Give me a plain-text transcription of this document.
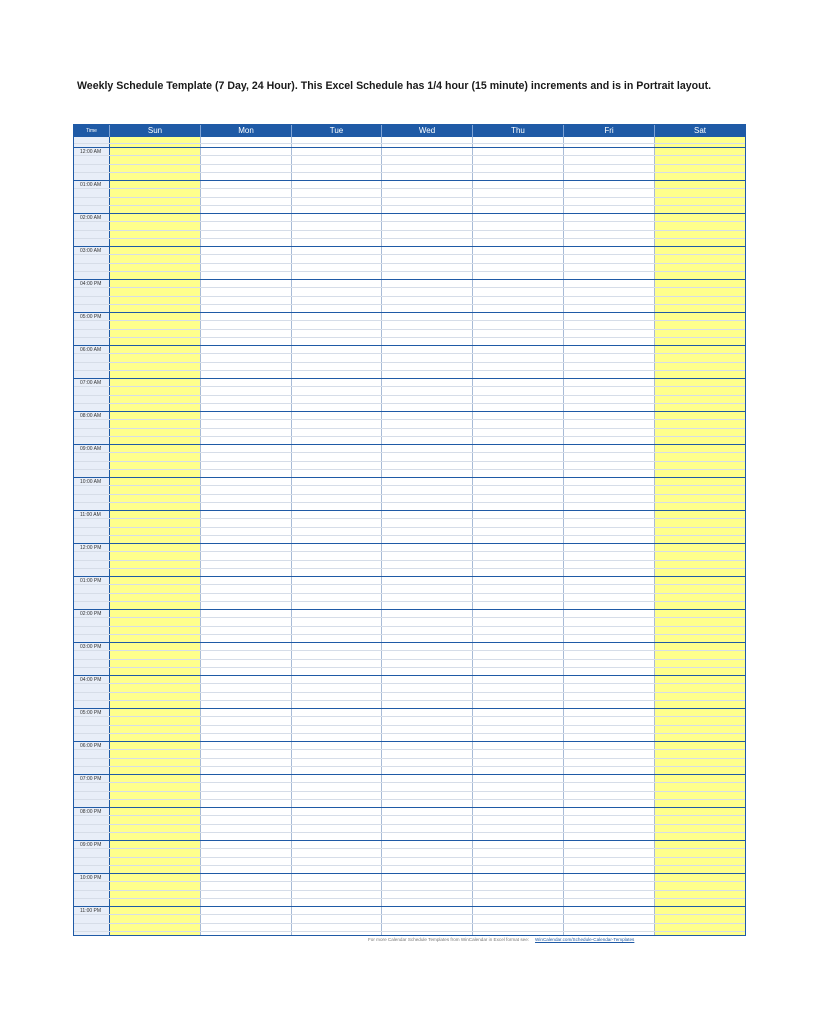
Weekly Schedule Template (7 Day, 24 Hour). This Excel Schedule has 1/4 hour (15 minute) increments and is in Portrait layout.
Time	Sun	Mon	Tue	Wed	Thu	Fri	Sat
12:00 AM
01:00 AM
02:00 AM
03:00 AM
04:00 PM
05:00 PM
06:00 AM
07:00 AM
08:00 AM
09:00 AM
10:00 AM
11:00 AM
12:00 PM
01:00 PM
02:00 PM
03:00 PM
04:00 PM
05:00 PM
06:00 PM
07:00 PM
08:00 PM
09:00 PM
10:00 PM
11:00 PM
For more Calendar Schedule Templates from WinCalendar in Excel format see: WinCalendar.com/Schedule-Calendar-Templates
